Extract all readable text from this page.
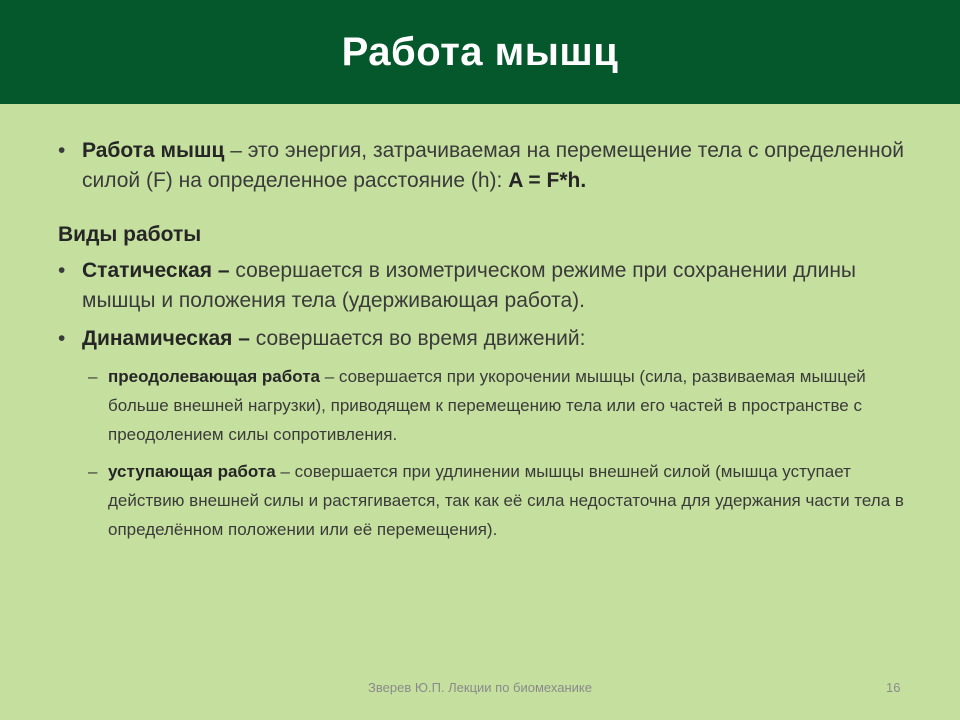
Работа мышц
• Работа мышц – это энергия, затрачиваемая на перемещение тела с определенной силой (F) на определенное расстояние (h): A = F*h.
Виды работы
• Статическая – совершается в изометрическом режиме при сохранении длины мышцы и положения тела (удерживающая работа).
• Динамическая – совершается во время движений:
– преодолевающая работа – совершается при укорочении мышцы (сила, развиваемая мышцей больше внешней нагрузки), приводящем к перемещению тела или его частей в пространстве с преодолением силы сопротивления.
– уступающая работа – совершается при удлинении мышцы внешней силой (мышца уступает действию внешней силы и растягивается, так как её сила недостаточна для удержания части тела в определённом положении или её перемещения).
Зверев Ю.П. Лекции по биомеханике	16
